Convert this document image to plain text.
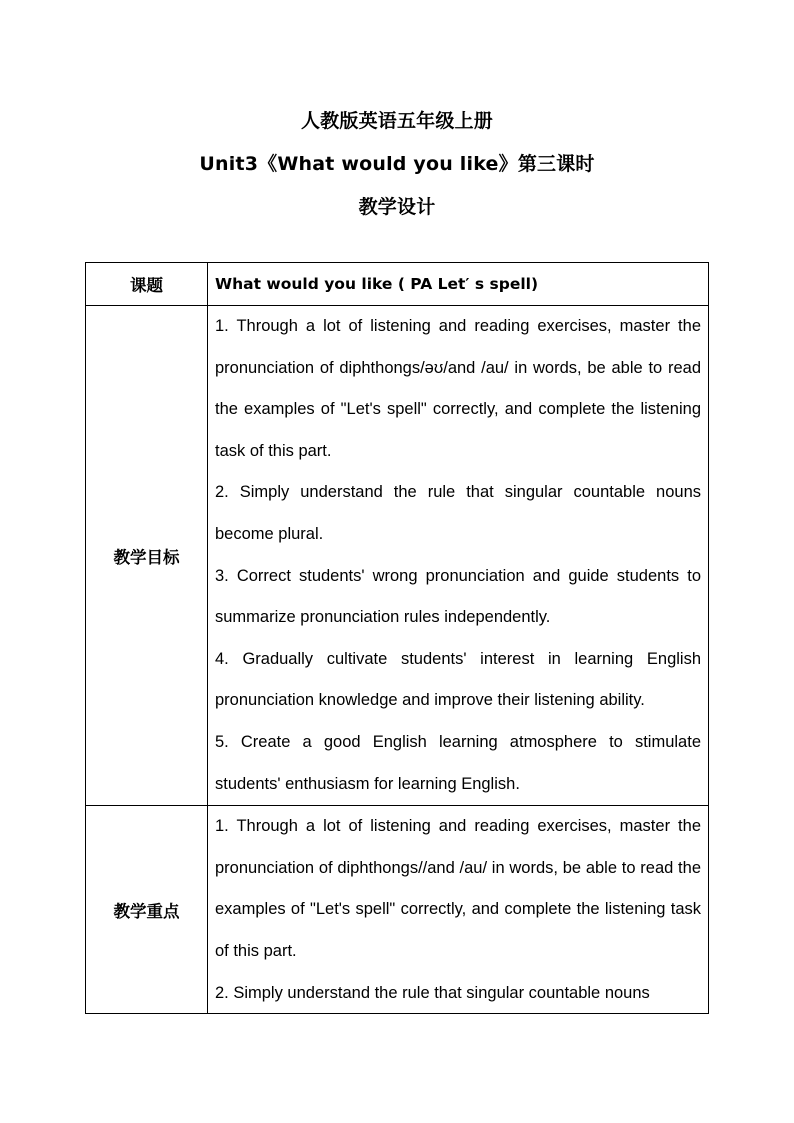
人教版英语五年级上册
Unit3《What would you like》第三课时
教学设计
课题	What would you like ( PA Let′ s spell)
教学目标	1. Through a lot of listening and reading exercises, master the pronunciation of diphthongs/əʊ/and /au/ in words, be able to read the examples of "Let's spell" correctly, and complete the listening task of this part.

2. Simply understand the rule that singular countable nouns become plural.

3. Correct students' wrong pronunciation and guide students to summarize pronunciation rules independently.

4. Gradually cultivate students' interest in learning English pronunciation knowledge and improve their listening ability.

5. Create a good English learning atmosphere to stimulate students' enthusiasm for learning English.

教学重点	1. Through a lot of listening and reading exercises, master the pronunciation of diphthongs//and /au/ in words, be able to read the examples of "Let's spell" correctly, and complete the listening task of this part.

2. Simply understand the rule that singular countable nouns
